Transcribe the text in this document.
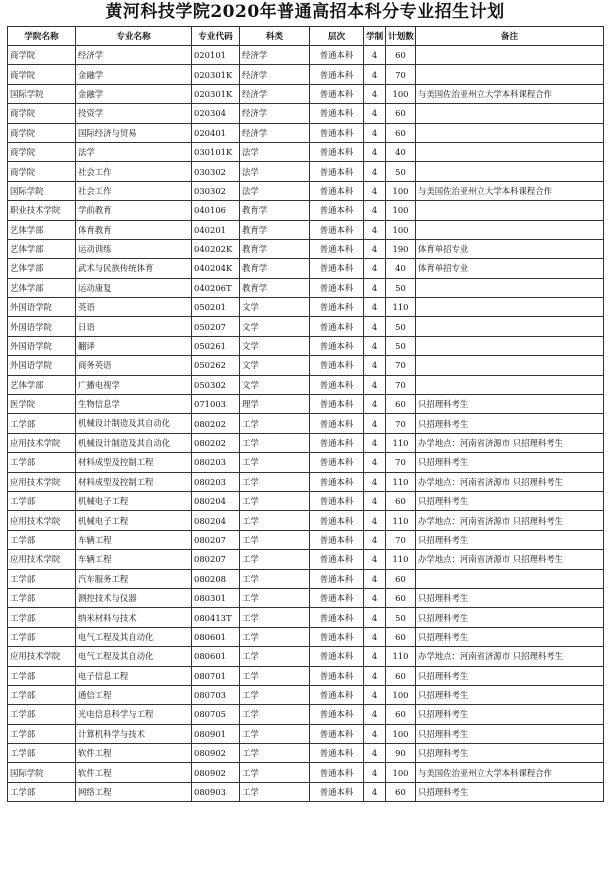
黄河科技学院2020年普通高招本科分专业招生计划
学院名称	专业名称	专业代码	科类	层次	学制	计划数	备注
商学院	经济学	020101	经济学	普通本科	4	60	
商学院	金融学	020301K	经济学	普通本科	4	70	
国际学院	金融学	020301K	经济学	普通本科	4	100	与美国佐治亚州立大学本科课程合作
商学院	投资学	020304	经济学	普通本科	4	60	
商学院	国际经济与贸易	020401	经济学	普通本科	4	60	
商学院	法学	030101K	法学	普通本科	4	40	
商学院	社会工作	030302	法学	普通本科	4	50	
国际学院	社会工作	030302	法学	普通本科	4	100	与美国佐治亚州立大学本科课程合作
职业技术学院	学前教育	040106	教育学	普通本科	4	100	
艺体学部	体育教育	040201	教育学	普通本科	4	100	
艺体学部	运动训练	040202K	教育学	普通本科	4	190	体育单招专业
艺体学部	武术与民族传统体育	040204K	教育学	普通本科	4	40	体育单招专业
艺体学部	运动康复	040206T	教育学	普通本科	4	50	
外国语学院	英语	050201	文学	普通本科	4	110	
外国语学院	日语	050207	文学	普通本科	4	50	
外国语学院	翻译	050261	文学	普通本科	4	50	
外国语学院	商务英语	050262	文学	普通本科	4	70	
艺体学部	广播电视学	050302	文学	普通本科	4	70	
医学院	生物信息学	071003	理学	普通本科	4	60	只招理科考生
工学部	机械设计制造及其自动化	080202	工学	普通本科	4	70	只招理科考生
应用技术学院	机械设计制造及其自动化	080202	工学	普通本科	4	110	办学地点：河南省济源市 只招理科考生
工学部	材料成型及控制工程	080203	工学	普通本科	4	70	只招理科考生
应用技术学院	材料成型及控制工程	080203	工学	普通本科	4	110	办学地点：河南省济源市 只招理科考生
工学部	机械电子工程	080204	工学	普通本科	4	60	只招理科考生
应用技术学院	机械电子工程	080204	工学	普通本科	4	110	办学地点：河南省济源市 只招理科考生
工学部	车辆工程	080207	工学	普通本科	4	70	只招理科考生
应用技术学院	车辆工程	080207	工学	普通本科	4	110	办学地点：河南省济源市 只招理科考生
工学部	汽车服务工程	080208	工学	普通本科	4	60	
工学部	测控技术与仪器	080301	工学	普通本科	4	60	只招理科考生
工学部	纳米材料与技术	080413T	工学	普通本科	4	50	只招理科考生
工学部	电气工程及其自动化	080601	工学	普通本科	4	60	只招理科考生
应用技术学院	电气工程及其自动化	080601	工学	普通本科	4	110	办学地点：河南省济源市 只招理科考生
工学部	电子信息工程	080701	工学	普通本科	4	60	只招理科考生
工学部	通信工程	080703	工学	普通本科	4	100	只招理科考生
工学部	光电信息科学与工程	080705	工学	普通本科	4	60	只招理科考生
工学部	计算机科学与技术	080901	工学	普通本科	4	100	只招理科考生
工学部	软件工程	080902	工学	普通本科	4	90	只招理科考生
国际学院	软件工程	080902	工学	普通本科	4	100	与美国佐治亚州立大学本科课程合作
工学部	网络工程	080903	工学	普通本科	4	60	只招理科考生
